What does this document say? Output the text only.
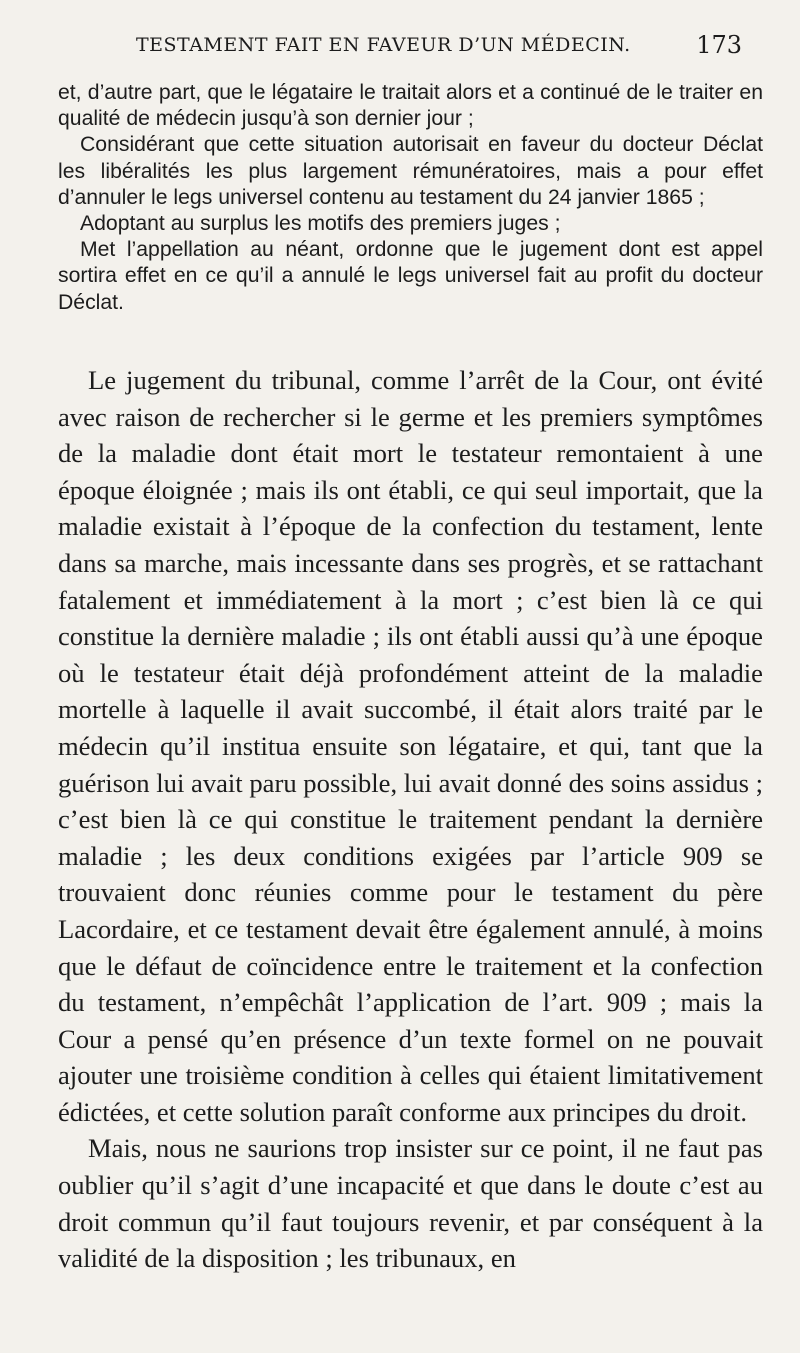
TESTAMENT FAIT EN FAVEUR D’UN MÉDECIN.	173

et, d’autre part, que le légataire le traitait alors et a continué de le traiter en qualité de médecin jusqu’à son dernier jour ;

Considérant que cette situation autorisait en faveur du docteur Déclat les libéralités les plus largement rémunératoires, mais a pour effet d’annuler le legs universel contenu au testament du 24 janvier 1865 ;

Adoptant au surplus les motifs des premiers juges ;

Met l’appellation au néant, ordonne que le jugement dont est appel sortira effet en ce qu’il a annulé le legs universel fait au profit du docteur Déclat.

Le jugement du tribunal, comme l’arrêt de la Cour, ont évité avec raison de rechercher si le germe et les premiers symptômes de la maladie dont était mort le testateur remontaient à une époque éloignée ; mais ils ont établi, ce qui seul importait, que la maladie existait à l’époque de la confection du testament, lente dans sa marche, mais incessante dans ses progrès, et se rattachant fatalement et immédiatement à la mort ; c’est bien là ce qui constitue la dernière maladie ; ils ont établi aussi qu’à une époque où le testateur était déjà profondément atteint de la maladie mortelle à laquelle il avait succombé, il était alors traité par le médecin qu’il institua ensuite son légataire, et qui, tant que la guérison lui avait paru possible, lui avait donné des soins assidus ; c’est bien là ce qui constitue le traitement pendant la dernière maladie ; les deux conditions exigées par l’article 909 se trouvaient donc réunies comme pour le testament du père Lacordaire, et ce testament devait être également annulé, à moins que le défaut de coïncidence entre le traitement et la confection du testament, n’empêchât l’application de l’art. 909 ; mais la Cour a pensé qu’en présence d’un texte formel on ne pouvait ajouter une troisième condition à celles qui étaient limitativement édictées, et cette solution paraît conforme aux principes du droit.

Mais, nous ne saurions trop insister sur ce point, il ne faut pas oublier qu’il s’agit d’une incapacité et que dans le doute c’est au droit commun qu’il faut toujours revenir, et par conséquent à la validité de la disposition ; les tribunaux, en
